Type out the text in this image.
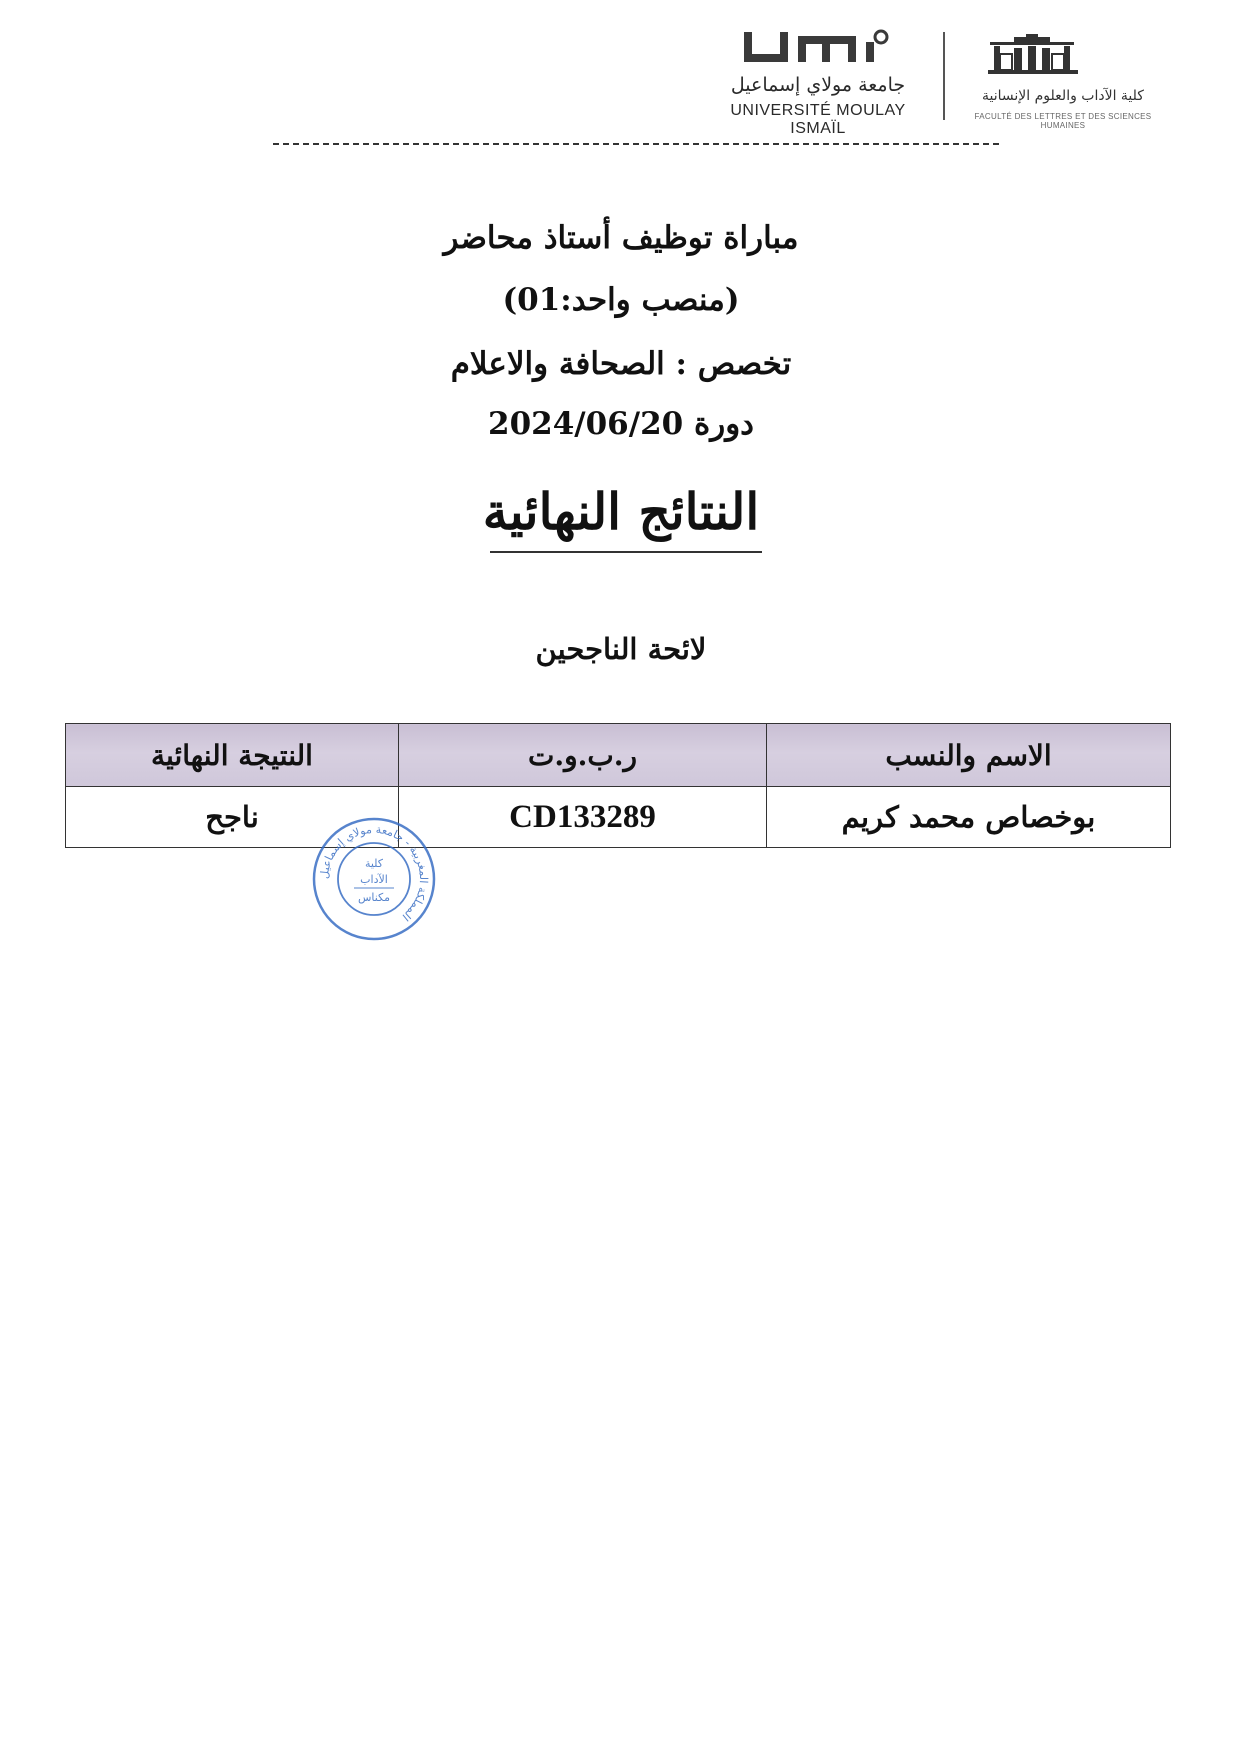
جامعة مولاي إسماعيل
UNIVERSITÉ MOULAY ISMAÏL
كلية الآداب والعلوم الإنسانية
FACULTÉ DES LETTRES ET DES SCIENCES HUMAINES
مباراة توظيف أستاذ محاضر
(منصب واحد:01)
تخصص : الصحافة والاعلام
دورة 2024/06/20
النتائج النهائية
لائحة الناجحين
الاسم والنسب	ر.ب.و.ت	النتيجة النهائية
بوخصاص محمد كريم	CD133289	ناجح
المملكة المغربية - جامعة مولاي إسماعيل
كلية
الآداب
مكناس
